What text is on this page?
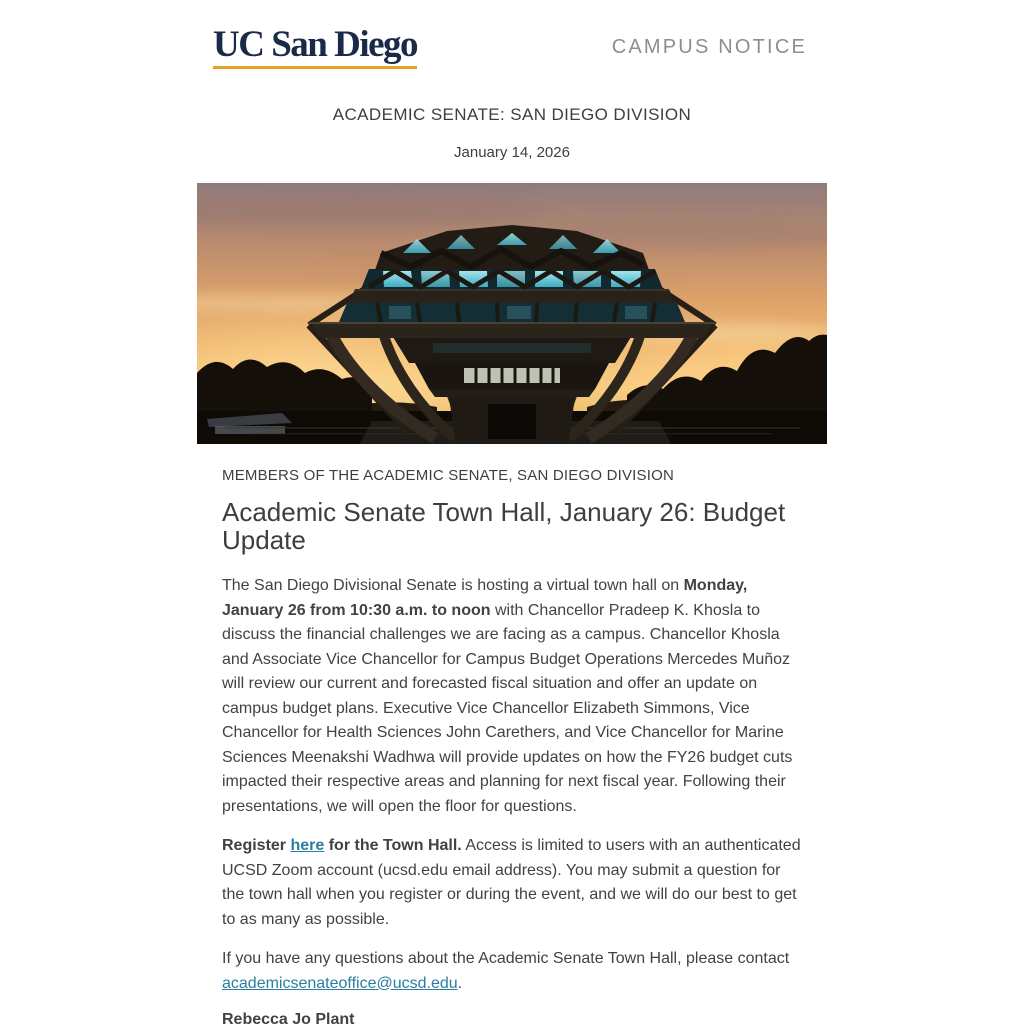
UC San Diego	CAMPUS NOTICE
ACADEMIC SENATE: SAN DIEGO DIVISION
January 14, 2026
MEMBERS OF THE ACADEMIC SENATE, SAN DIEGO DIVISION
Academic Senate Town Hall, January 26: Budget Update

The San Diego Divisional Senate is hosting a virtual town hall on Monday, January 26 from 10:30 a.m. to noon with Chancellor Pradeep K. Khosla to discuss the financial challenges we are facing as a campus. Chancellor Khosla and Associate Vice Chancellor for Campus Budget Operations Mercedes Muñoz will review our current and forecasted fiscal situation and offer an update on campus budget plans. Executive Vice Chancellor Elizabeth Simmons, Vice Chancellor for Health Sciences John Carethers, and Vice Chancellor for Marine Sciences Meenakshi Wadhwa will provide updates on how the FY26 budget cuts impacted their respective areas and planning for next fiscal year. Following their presentations, we will open the floor for questions.

Register here for the Town Hall. Access is limited to users with an authenticated UCSD Zoom account (ucsd.edu email address). You may submit a question for the town hall when you register or during the event, and we will do our best to get to as many as possible.

If you have any questions about the Academic Senate Town Hall, please contact academicsenateoffice@ucsd.edu.

Rebecca Jo Plant
